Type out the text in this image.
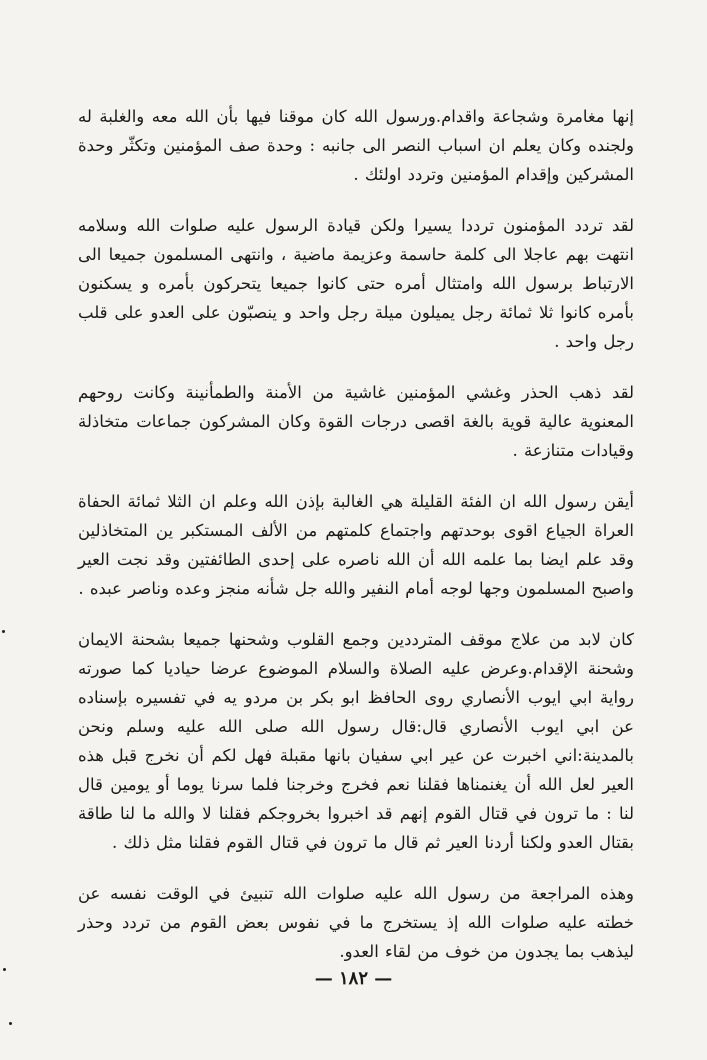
إنها مغامرة وشجاعة واقدام.ورسول الله كان موقنا فيها بأن الله معه والغلبة له ولجنده وكان يعلم ان اسباب النصر الى جانبه : وحدة صف المؤمنين وتكثّر وحدة المشركين وإقدام المؤمنين وتردد اولئك .

لقد تردد المؤمنون ترددا يسيرا ولكن قيادة الرسول عليه صلوات الله وسلامه انتهت بهم عاجلا الى كلمة حاسمة وعزيمة ماضية ، وانتهى المسلمون جميعا الى الارتباط برسول الله وامتثال أمره حتى كانوا جميعا يتحركون بأمره و يسكنون بأمره كانوا ثلا ثمائة رجل يميلون ميلة رجل واحد و ينصبّون على العدو على قلب رجل واحد .

لقد ذهب الحذر وغشي المؤمنين غاشية من الأمنة والطمأنينة وكانت روحهم المعنوية عالية قوية بالغة اقصى درجات القوة وكان المشركون جماعات متخاذلة وقيادات متنازعة .

أيقن رسول الله ان الفئة القليلة هي الغالبة بإذن الله وعلم ان الثلا ثمائة الحفاة العراة الجياع اقوى بوحدتهم واجتماع كلمتهم من الألف المستكبر ين المتخاذلين وقد علم ايضا بما علمه الله أن الله ناصره على إحدى الطائفتين وقد نجت العير واصبح المسلمون وجها لوجه أمام النفير والله جل شأنه منجز وعده وناصر عبده .

كان لابد من علاج موقف المترددين وجمع القلوب وشحنها جميعا بشحنة الايمان وشحنة الإقدام.وعرض عليه الصلاة والسلام الموضوع عرضا حياديا كما صورته رواية ابي ايوب الأنصاري روى الحافظ ابو بكر بن مردو يه في تفسيره بإسناده عن ابي ايوب الأنصاري قال:قال رسول الله صلى الله عليه وسلم ونحن بالمدينة:اني اخبرت عن عير ابي سفيان بانها مقبلة فهل لكم أن نخرج قبل هذه العير لعل الله أن يغنمناها فقلنا نعم فخرج وخرجنا فلما سرنا يوما أو يومين قال لنا : ما ترون في قتال القوم إنهم قد اخبروا بخروجكم فقلنا لا والله ما لنا طاقة بقتال العدو ولكنا أردنا العير ثم قال ما ترون في قتال القوم فقلنا مثل ذلك .

وهذه المراجعة من رسول الله عليه صلوات الله تنبيئ في الوقت نفسه عن خطته عليه صلوات الله إذ يستخرج ما في نفوس بعض القوم من تردد وحذر ليذهب بما يجدون من خوف من لقاء العدو.

— ١٨٢ —
